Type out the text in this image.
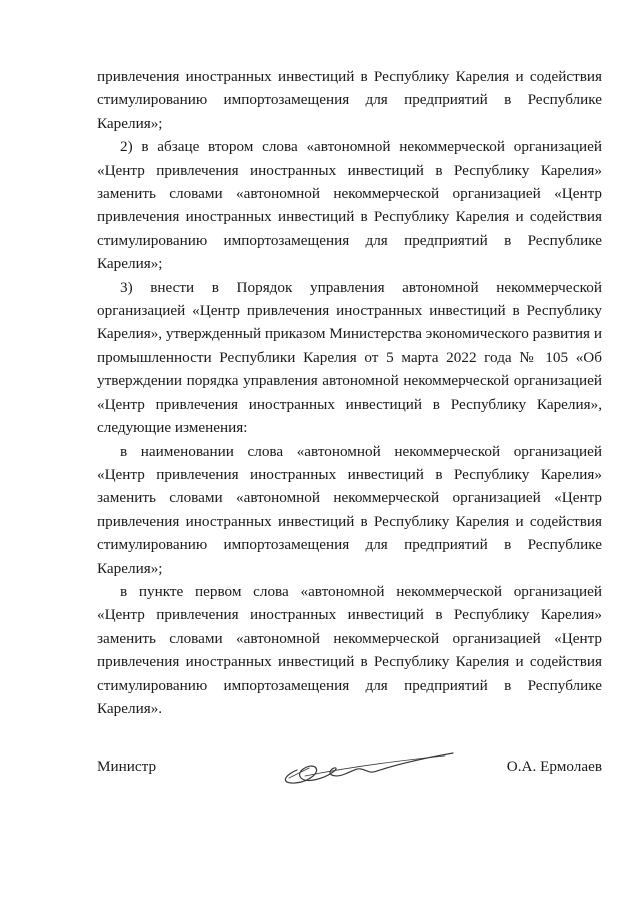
привлечения иностранных инвестиций в Республику Карелия и содействия стимулированию импортозамещения для предприятий в Республике Карелия»;

2) в абзаце втором слова «автономной некоммерческой организацией «Центр привлечения иностранных инвестиций в Республику Карелия» заменить словами «автономной некоммерческой организацией «Центр привлечения иностранных инвестиций в Республику Карелия и содействия стимулированию импортозамещения для предприятий в Республике Карелия»;

3) внести в Порядок управления автономной некоммерческой организацией «Центр привлечения иностранных инвестиций в Республику Карелия», утвержденный приказом Министерства экономического развития и промышленности Республики Карелия от 5 марта 2022 года № 105 «Об утверждении порядка управления автономной некоммерческой организацией «Центр привлечения иностранных инвестиций в Республику Карелия», следующие изменения:

в наименовании слова «автономной некоммерческой организацией «Центр привлечения иностранных инвестиций в Республику Карелия» заменить словами «автономной некоммерческой организацией «Центр привлечения иностранных инвестиций в Республику Карелия и содействия стимулированию импортозамещения для предприятий в Республике Карелия»;

в пункте первом слова «автономной некоммерческой организацией «Центр привлечения иностранных инвестиций в Республику Карелия» заменить словами «автономной некоммерческой организацией «Центр привлечения иностранных инвестиций в Республику Карелия и содействия стимулированию импортозамещения для предприятий в Республике Карелия».

Министр	О.А. Ермолаев
